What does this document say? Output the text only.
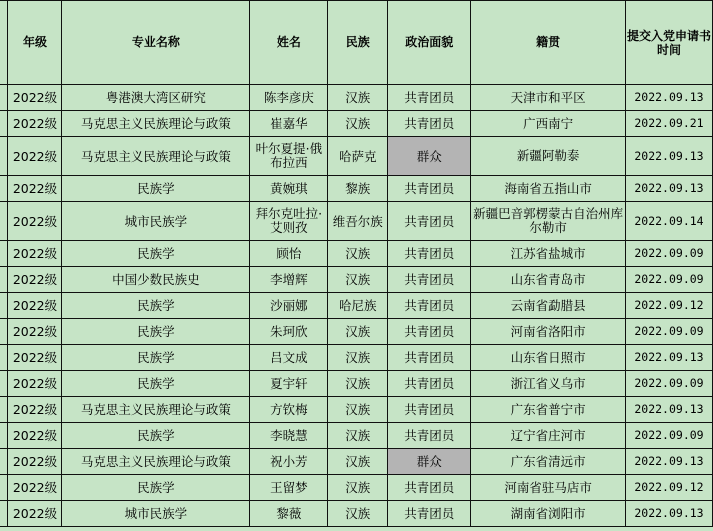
	年级	专业名称	姓名	民族	政治面貌	籍贯	提交入党申请书时间
	2022级	粤港澳大湾区研究	陈李彦庆	汉族	共青团员	天津市和平区	2022.09.13
	2022级	马克思主义民族理论与政策	崔嘉华	汉族	共青团员	广西南宁	2022.09.21
	2022级	马克思主义民族理论与政策	叶尔夏提·俄布拉西	哈萨克	群众	新疆阿勒泰	2022.09.13
	2022级	民族学	黄婉琪	黎族	共青团员	海南省五指山市	2022.09.13
	2022级	城市民族学	拜尔克吐拉·艾则孜	维吾尔族	共青团员	新疆巴音郭楞蒙古自治州库尔勒市	2022.09.14
	2022级	民族学	顾怡	汉族	共青团员	江苏省盐城市	2022.09.09
	2022级	中国少数民族史	李增辉	汉族	共青团员	山东省青岛市	2022.09.09
	2022级	民族学	沙丽娜	哈尼族	共青团员	云南省勐腊县	2022.09.12
	2022级	民族学	朱珂欣	汉族	共青团员	河南省洛阳市	2022.09.09
	2022级	民族学	吕文成	汉族	共青团员	山东省日照市	2022.09.13
	2022级	民族学	夏宇轩	汉族	共青团员	浙江省义乌市	2022.09.09
	2022级	马克思主义民族理论与政策	方钦梅	汉族	共青团员	广东省普宁市	2022.09.13
	2022级	民族学	李晓慧	汉族	共青团员	辽宁省庄河市	2022.09.09
	2022级	马克思主义民族理论与政策	祝小芳	汉族	群众	广东省清远市	2022.09.13
	2022级	民族学	王留梦	汉族	共青团员	河南省驻马店市	2022.09.12
	2022级	城市民族学	黎薇	汉族	共青团员	湖南省浏阳市	2022.09.13
